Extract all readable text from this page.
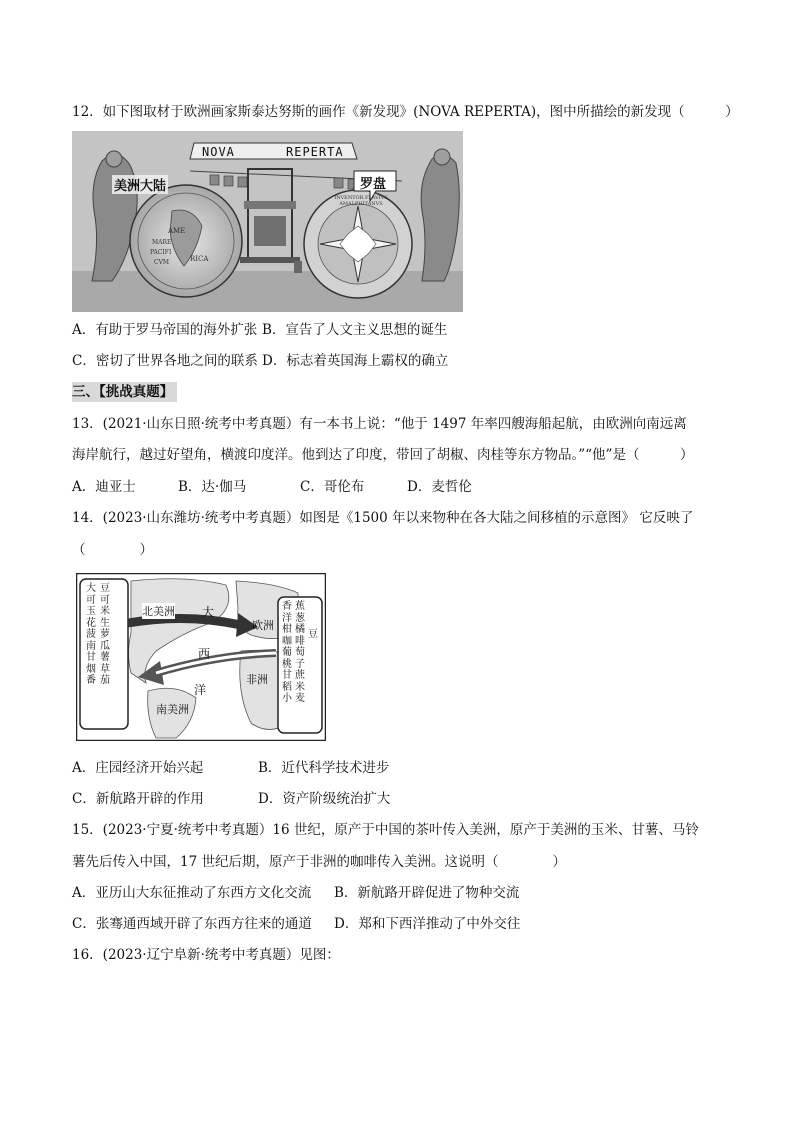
12．如下图取材于欧洲画家斯泰达努斯的画作《新发现》(NOVA REPERTA)，图中所描绘的新发现（　　　）
NOVA	REPERTA
美洲大陆	罗盘
AME
RICA
MARE
PACIFI
CVM
INVENTOR FLAVIVS AMALPHITANVS
A．有助于罗马帝国的海外扩张 B．宣告了人文主义思想的诞生
C．密切了世界各地之间的联系 D．标志着英国海上霸权的确立
三、【挑战真题】
13．(2021·山东日照·统考中考真题）有一本书上说：“他于 1497 年率四艘海船起航，由欧洲向南远离
海岸航行，越过好望角，横渡印度洋。他到达了印度，带回了胡椒、肉桂等东方物品。”“他”是（　　　）
A．迪亚士	B．达·伽马	C．哥伦布	D．麦哲伦
14．(2023·山东潍坊·统考中考真题）如图是《1500 年以来物种在各大陆之间移植的示意图》 它反映了
（　　　　）
大可玉花菠南甘烟番
豆可米生萝瓜薯草茄
香洋柑咖葡桃甘稻小
蕉葱橘啡萄子蔗米麦
豆
北美洲
欧洲
非洲
南美洲
大
西
洋
A．庄园经济开始兴起	B．近代科学技术进步
C．新航路开辟的作用	D．资产阶级统治扩大
15．(2023·宁夏·统考中考真题）16 世纪，原产于中国的茶叶传入美洲，原产于美洲的玉米、甘薯、马铃
薯先后传入中国，17 世纪后期，原产于非洲的咖啡传入美洲。这说明（　　　　）
A．亚历山大东征推动了东西方文化交流 B．新航路开辟促进了物种交流
C．张骞通西域开辟了东西方往来的通道 D．郑和下西洋推动了中外交往
16．(2023·辽宁阜新·统考中考真题）见图：
